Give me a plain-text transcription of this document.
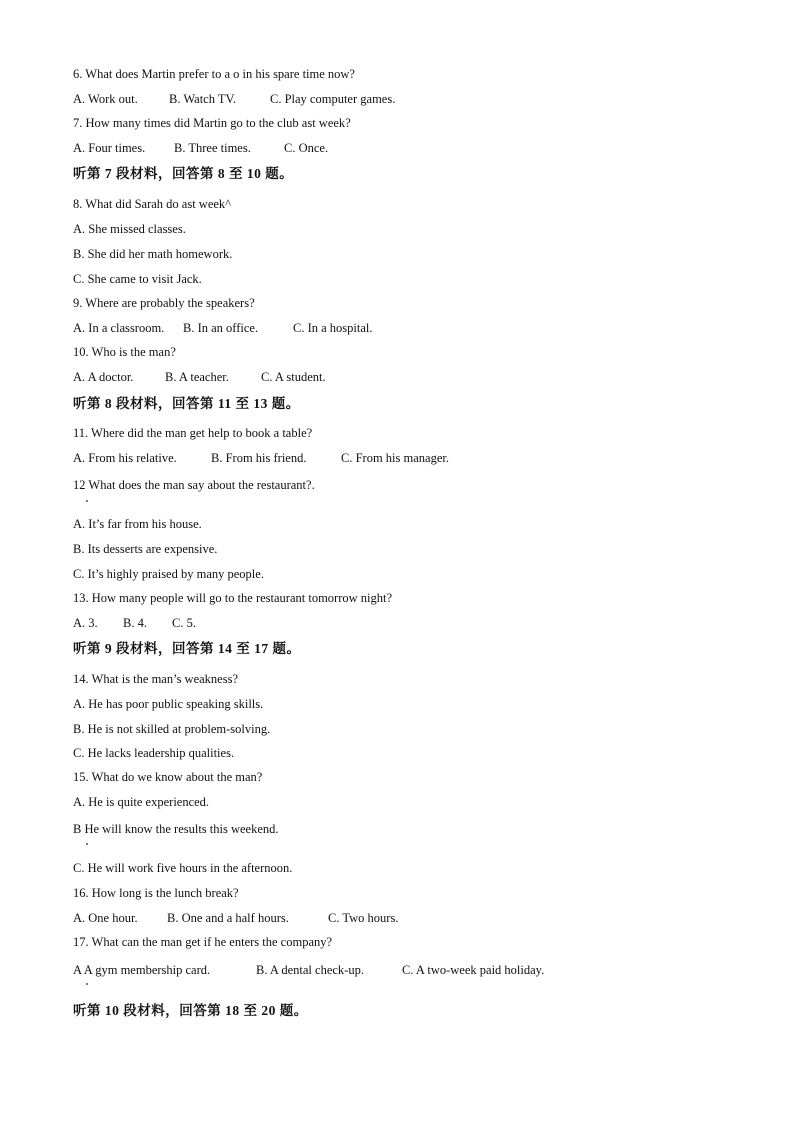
6. What does Martin prefer to a o in his spare time now?
A. Work out.	B. Watch TV.	C. Play computer games.
7. How many times did Martin go to the club ast week?
A. Four times. B. Three times.	C. Once.
听第 7 段材料，回答第 8 至 10 题。
8. What did Sarah do ast week^
A. She missed classes.
B. She did her math homework.
C. She came to visit Jack.
9. Where are probably the speakers?
A. In a classroom. B. In an office.	C. In a hospital.
10. Who is the man?
A. A doctor.	B. A teacher.	C. A student.
听第 8 段材料，回答第 11 至 13 题。
11. Where did the man get help to book a table?
A. From his relative.	B. From his friend.	C. From his manager.
12 What does the man say about the restaurant?.
A. It’s far from his house.
B. Its desserts are expensive.
C. It’s highly praised by many people.
13. How many people will go to the restaurant tomorrow night?
A. 3. B. 4. C. 5.
听第 9 段材料，回答第 14 至 17 题。
14. What is the man’s weakness?
A. He has poor public speaking skills.
B. He is not skilled at problem-solving.
C. He lacks leadership qualities.
15. What do we know about the man?
A. He is quite experienced.
B He will know the results this weekend.
C. He will work five hours in the afternoon.
16. How long is the lunch break?
A. One hour. B. One and a half hours.	C. Two hours.
17. What can the man get if he enters the company?
A A gym membership card.	B. A dental check-up.	C. A two-week paid holiday.
听第 10 段材料，回答第 18 至 20 题。
